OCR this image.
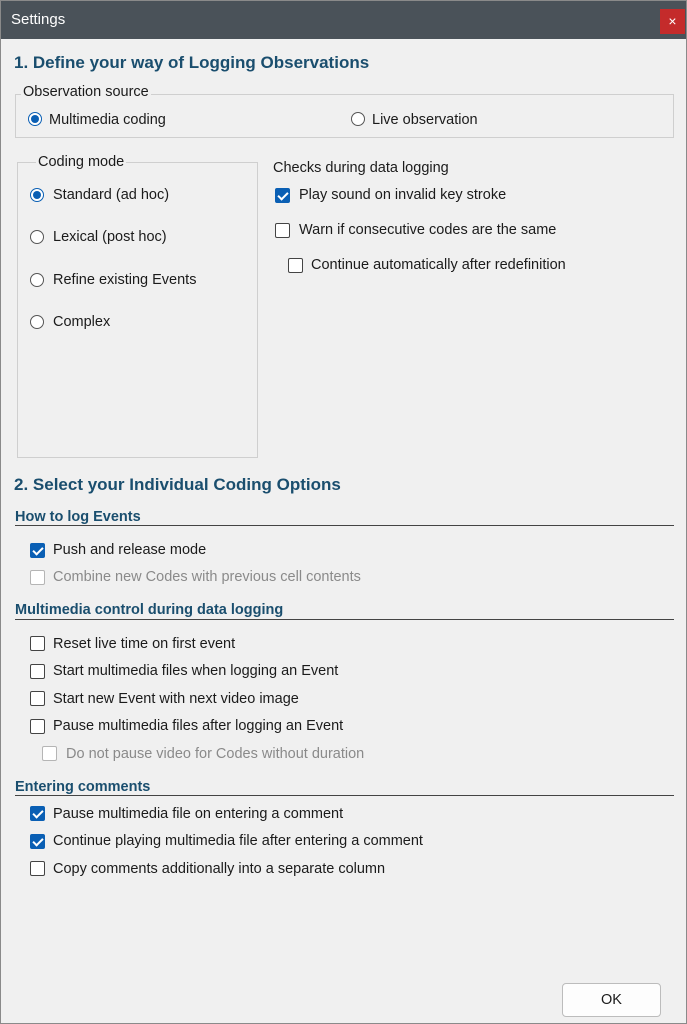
Settings	×
1. Define your way of Logging Observations
Observation source
Multimedia coding	Live observation
Coding mode
Standard (ad hoc)
Lexical (post hoc)
Refine existing Events
Complex
Checks during data logging
Play sound on invalid key stroke
Warn if consecutive codes are the same
Continue automatically after redefinition
2. Select your Individual Coding Options
How to log Events
Push and release mode
Combine new Codes with previous cell contents
Multimedia control during data logging
Reset live time on first event
Start multimedia files when logging an Event
Start new Event with next video image
Pause multimedia files after logging an Event
Do not pause video for Codes without duration
Entering comments
Pause multimedia file on entering a comment
Continue playing multimedia file after entering a comment
Copy comments additionally into a separate column
OK
